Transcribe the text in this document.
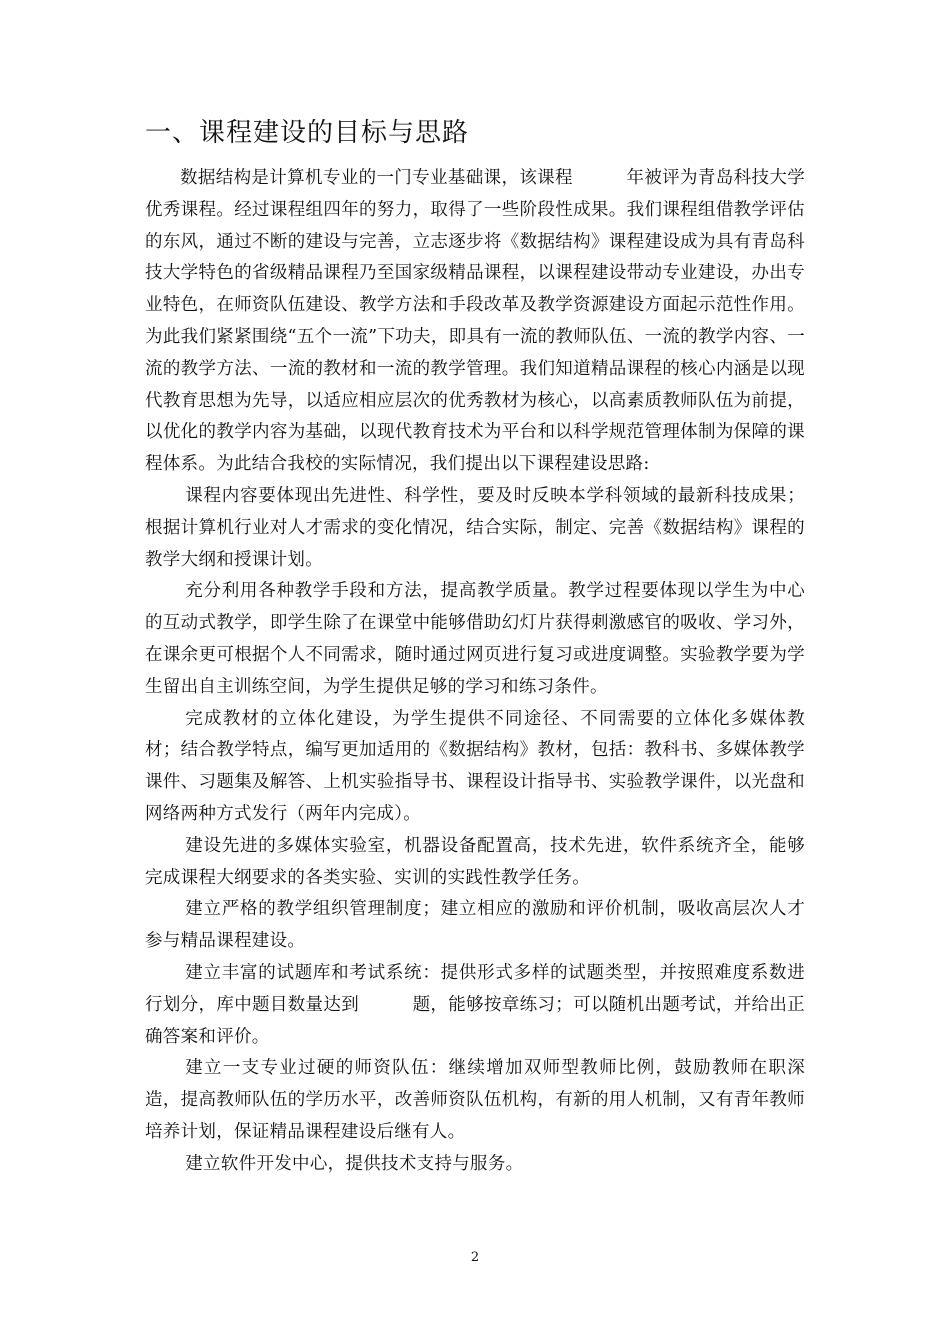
一、课程建设的目标与思路

数据结构是计算机专业的一门专业基础课，该课程　　　年被评为青岛科技大学优秀课程。经过课程组四年的努力，取得了一些阶段性成果。我们课程组借教学评估的东风，通过不断的建设与完善，立志逐步将《数据结构》课程建设成为具有青岛科技大学特色的省级精品课程乃至国家级精品课程，以课程建设带动专业建设，办出专业特色，在师资队伍建设、教学方法和手段改革及教学资源建设方面起示范性作用。为此我们紧紧围绕“五个一流”下功夫，即具有一流的教师队伍、一流的教学内容、一流的教学方法、一流的教材和一流的教学管理。我们知道精品课程的核心内涵是以现代教育思想为先导，以适应相应层次的优秀教材为核心，以高素质教师队伍为前提，以优化的教学内容为基础，以现代教育技术为平台和以科学规范管理体制为保障的课程体系。为此结合我校的实际情况，我们提出以下课程建设思路:

课程内容要体现出先进性、科学性，要及时反映本学科领域的最新科技成果；根据计算机行业对人才需求的变化情况，结合实际，制定、完善《数据结构》课程的教学大纲和授课计划。

充分利用各种教学手段和方法，提高教学质量。教学过程要体现以学生为中心的互动式教学，即学生除了在课堂中能够借助幻灯片获得刺激感官的吸收、学习外，在课余更可根据个人不同需求，随时通过网页进行复习或进度调整。实验教学要为学生留出自主训练空间，为学生提供足够的学习和练习条件。

完成教材的立体化建设，为学生提供不同途径、不同需要的立体化多媒体教材；结合教学特点，编写更加适用的《数据结构》教材，包括：教科书、多媒体教学课件、习题集及解答、上机实验指导书、课程设计指导书、实验教学课件，以光盘和网络两种方式发行（两年内完成）。

建设先进的多媒体实验室，机器设备配置高，技术先进，软件系统齐全，能够完成课程大纲要求的各类实验、实训的实践性教学任务。

建立严格的教学组织管理制度；建立相应的激励和评价机制，吸收高层次人才参与精品课程建设。

建立丰富的试题库和考试系统：提供形式多样的试题类型，并按照难度系数进行划分，库中题目数量达到　　　题，能够按章练习；可以随机出题考试，并给出正确答案和评价。

建立一支专业过硬的师资队伍：继续增加双师型教师比例，鼓励教师在职深造，提高教师队伍的学历水平，改善师资队伍机构，有新的用人机制，又有青年教师培养计划，保证精品课程建设后继有人。

建立软件开发中心，提供技术支持与服务。

2
